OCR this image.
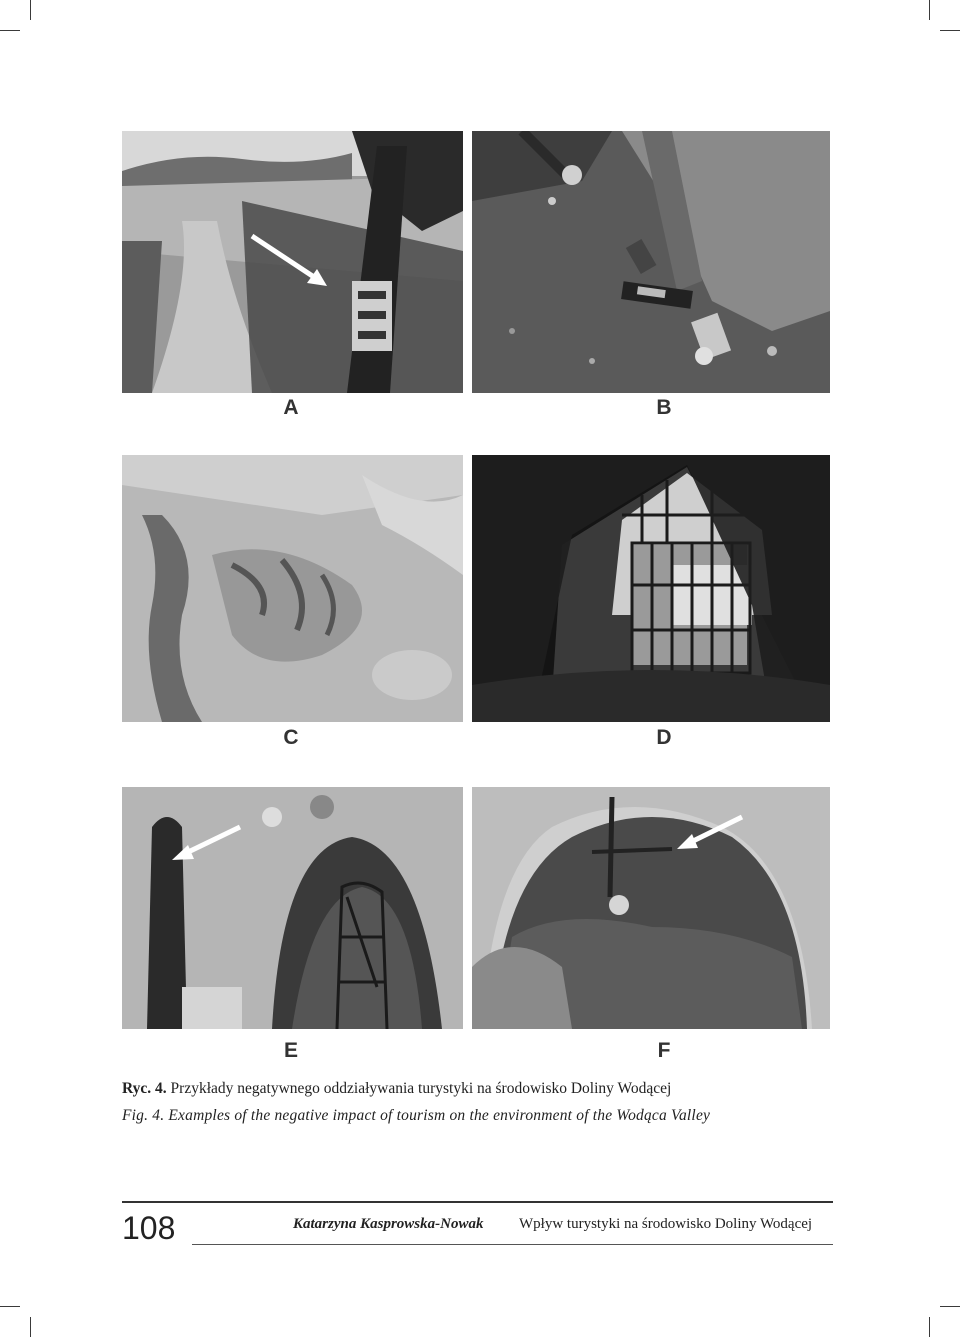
A	B
C	D
E	F
Ryc. 4. Przykłady negatywnego oddziaływania turystyki na środowisko Doliny Wodącej
Fig. 4. Examples of the negative impact of tourism on the environment of the Wodąca Valley
108	Katarzyna Kasprowska-Nowak Wpływ turystyki na środowisko Doliny Wodącej
